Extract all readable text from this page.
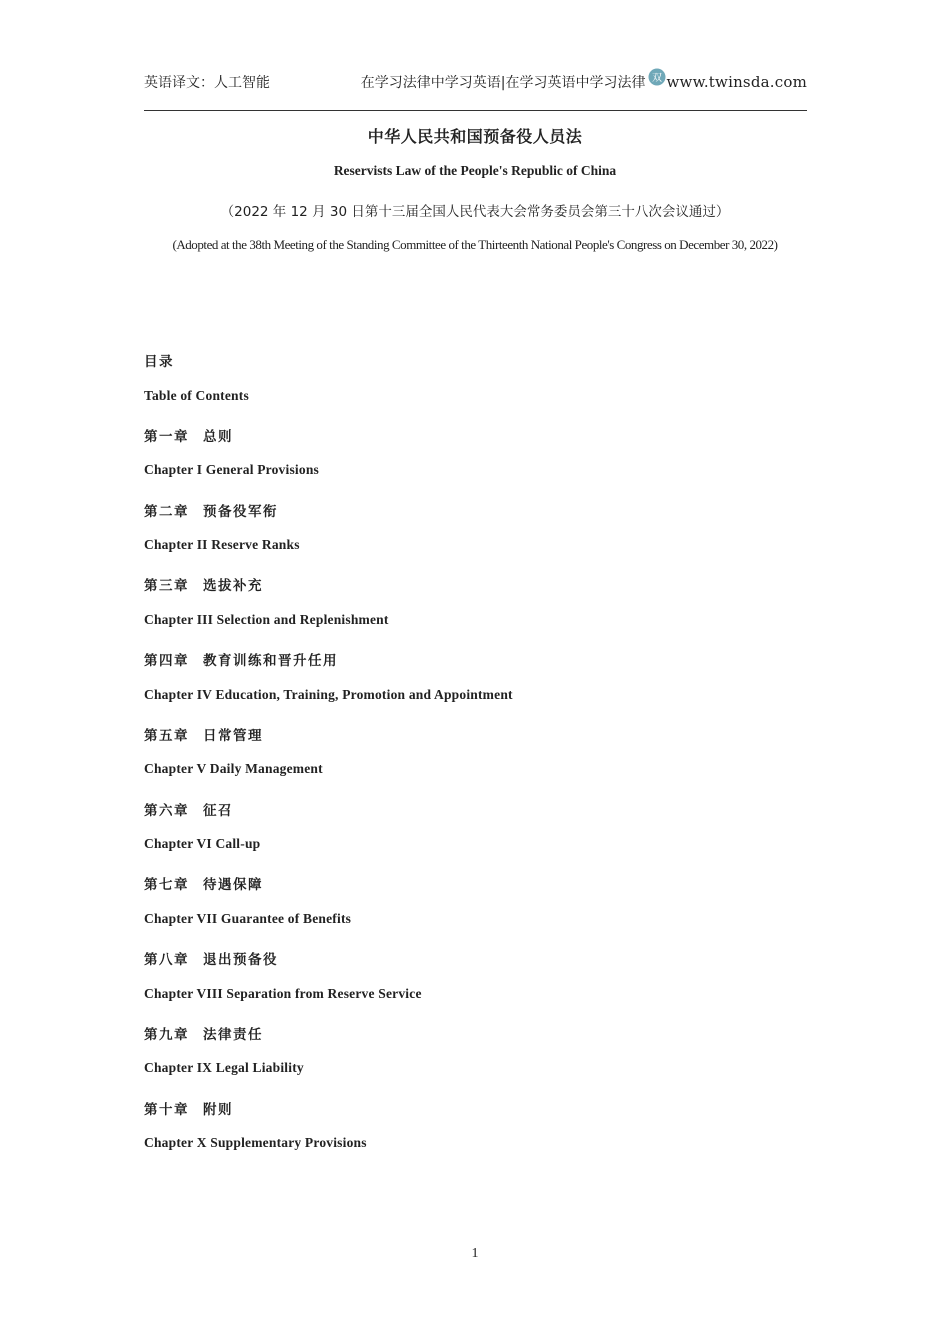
英语译文：人工智能	在学习法律中学习英语|在学习英语中学习法律 双 www.twinsda.com
中华人民共和国预备役人员法
Reservists Law of the People's Republic of China
（2022 年 12 月 30 日第十三届全国人民代表大会常务委员会第三十八次会议通过）
(Adopted at the 38th Meeting of the Standing Committee of the Thirteenth National People's Congress on December 30, 2022)
目录
Table of Contents
第一章 总则
Chapter I General Provisions
第二章 预备役军衔
Chapter II Reserve Ranks
第三章 选拔补充
Chapter III Selection and Replenishment
第四章 教育训练和晋升任用
Chapter IV Education, Training, Promotion and Appointment
第五章 日常管理
Chapter V Daily Management
第六章 征召
Chapter VI Call-up
第七章 待遇保障
Chapter VII Guarantee of Benefits
第八章 退出预备役
Chapter VIII Separation from Reserve Service
第九章 法律责任
Chapter IX Legal Liability
第十章 附则
Chapter X Supplementary Provisions
1
